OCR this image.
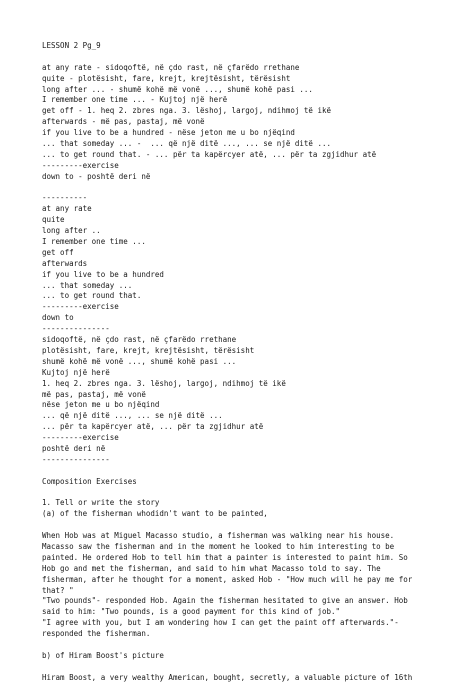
LESSON 2 Pg_9
at any rate - sidoqoftë, në çdo rast, në çfarëdo rrethane
quite - plotësisht, fare, krejt, krejtësisht, tërësisht
long after ... - shumë kohë më vonë ..., shumë kohë pasi ...
I remember one time ... - Kujtoj një herë
get off - 1. heq 2. zbres nga. 3. lëshoj, largoj, ndihmoj të ikë
afterwards - më pas, pastaj, më vonë
if you live to be a hundred - nëse jeton me u bo njëqind
... that someday ... -  ... që një ditë ..., ... se një ditë ...
... to get round that. - ... për ta kapërcyer atë, ... për ta zgjidhur atë
---------exercise
down to - poshtë deri në
----------
at any rate
quite
long after ..
I remember one time ...
get off
afterwards
if you live to be a hundred
... that someday ...
... to get round that.
---------exercise
down to
---------------
sidoqoftë, në çdo rast, në çfarëdo rrethane
plotësisht, fare, krejt, krejtësisht, tërësisht
shumë kohë më vonë ..., shumë kohë pasi ...
Kujtoj një herë
1. heq 2. zbres nga. 3. lëshoj, largoj, ndihmoj të ikë
më pas, pastaj, më vonë
nëse jeton me u bo njëqind
... që një ditë ..., ... se një ditë ...
... për ta kapërcyer atë, ... për ta zgjidhur atë
---------exercise
poshtë deri në
---------------
Composition Exercises
1. Tell or write the story
(a) of the fisherman whodidn't want to be painted,
When Hob was at Miguel Macasso studio, a fisherman was walking near his house.
Macasso saw the fisherman and in the moment he looked to him interesting to be
painted. He ordered Hob to tell him that a painter is interested to paint him. So
Hob go and met the fisherman, and said to him what Macasso told to say. The
fisherman, after he thought for a moment, asked Hob - "How much will he pay me for
that? "
"Two pounds"- responded Hob. Again the fisherman hesitated to give an answer. Hob
said to him: "Two pounds, is a good payment for this kind of job."
"I agree with you, but I am wondering how I can get the paint off afterwards."-
responded the fisherman.
b) of Hiram Boost's picture
Hiram Boost, a very wealthy American, bought, secretly, a valuable picture of 16th
